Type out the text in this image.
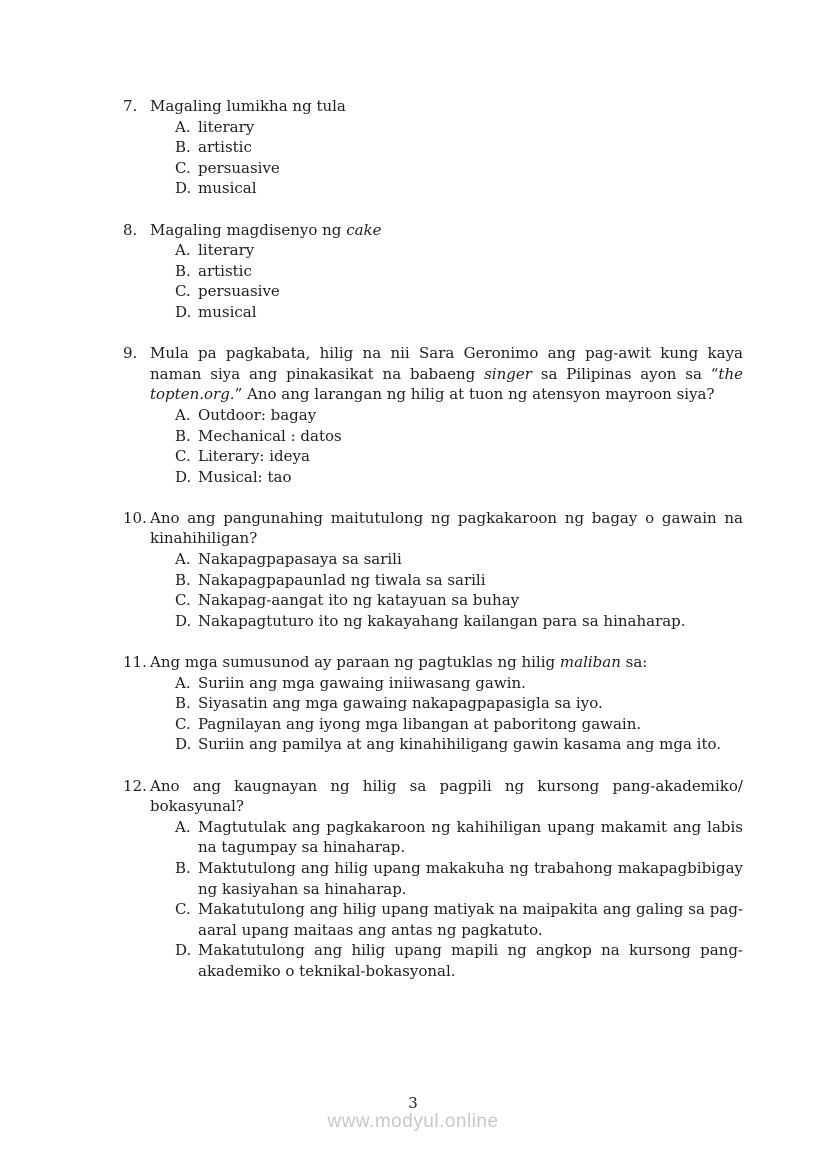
7. Magaling lumikha ng tula
A. literary
B. artistic
C. persuasive
D. musical
8. Magaling magdisenyo ng cake
A. literary
B. artistic
C. persuasive
D. musical
9. Mula pa pagkabata, hilig na nii Sara Geronimo ang pag-awit kung kaya naman siya ang pinakasikat na babaeng singer sa Pilipinas ayon sa “the topten.org.” Ano ang larangan ng hilig at tuon ng atensyon mayroon siya?
A. Outdoor: bagay
B. Mechanical : datos
C. Literary: ideya
D. Musical: tao
10. Ano ang pangunahing maitutulong ng pagkakaroon ng bagay o gawain na kinahihiligan?
A. Nakapagpapasaya sa sarili
B. Nakapagpapaunlad ng tiwala sa sarili
C. Nakapag-aangat ito ng katayuan sa buhay
D. Nakapagtuturo ito ng kakayahang kailangan para sa hinaharap.
11. Ang mga sumusunod ay paraan ng pagtuklas ng hilig maliban sa:
A. Suriin ang mga gawaing iniiwasang gawin.
B. Siyasatin ang mga gawaing nakapagpapasigla sa iyo.
C. Pagnilayan ang iyong mga libangan at paboritong gawain.
D. Suriin ang pamilya at ang kinahihiligang gawin kasama ang mga ito.
12. Ano ang kaugnayan ng hilig sa pagpili ng kursong pang-akademiko/​bokasyunal?
A. Magtutulak ang pagkakaroon ng kahihiligan upang makamit ang labis na tagumpay sa hinaharap.
B. Maktutulong ang hilig upang makakuha ng trabahong makapagbibigay ng kasiyahan sa hinaharap.
C. Makatutulong ang hilig upang matiyak na maipakita ang galing sa pag-aaral upang maitaas ang antas ng pagkatuto.
D. Makatutulong ang hilig upang mapili ng angkop na kursong pang-akademiko o teknikal-bokasyonal.
3
www.modyul.online
